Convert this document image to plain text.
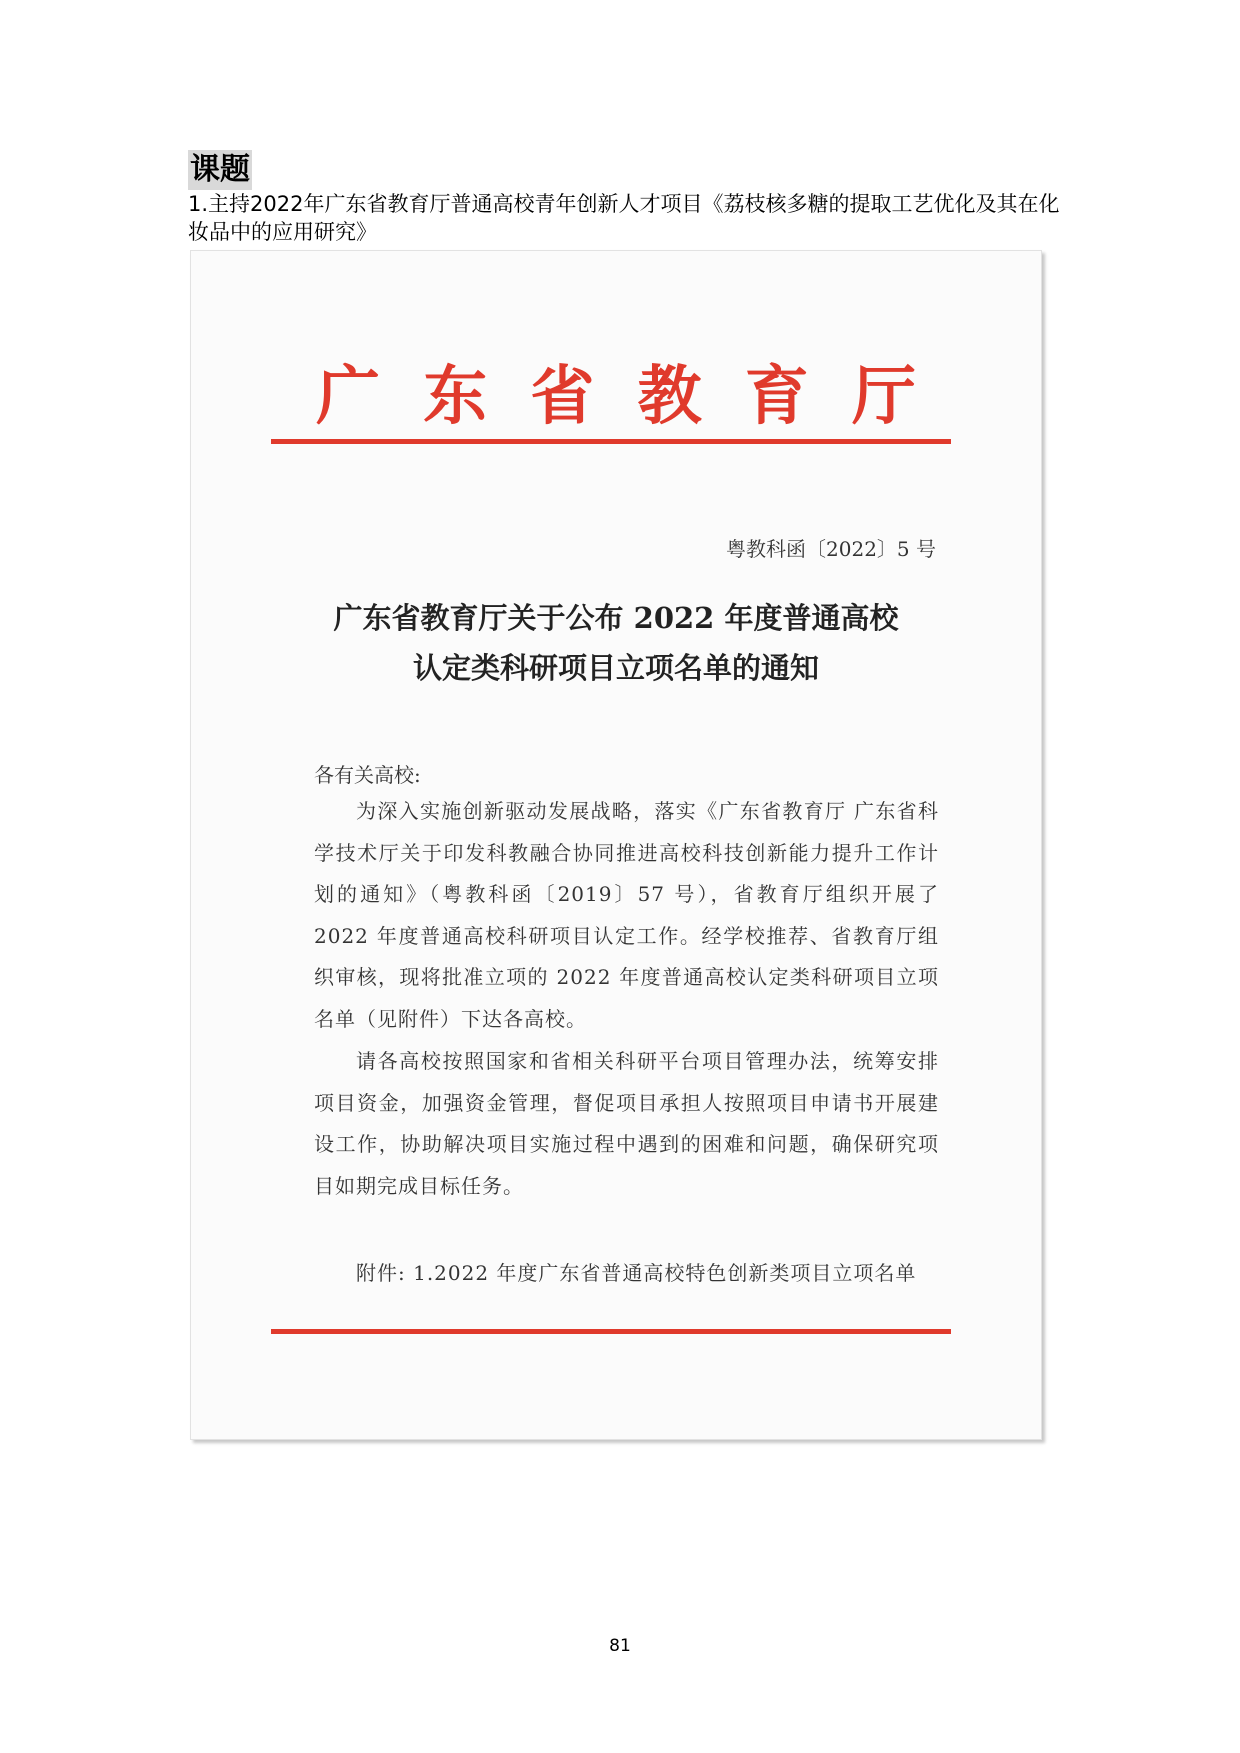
课题
1.主持2022年广东省教育厅普通高校青年创新人才项目《荔枝核多糖的提取工艺优化及其在化妆品中的应用研究》
广 东 省 教 育 厅
粤教科函〔2022〕5 号
广东省教育厅关于公布 2022 年度普通高校
认定类科研项目立项名单的通知
各有关高校:
为深入实施创新驱动发展战略，落实《广东省教育厅 广东省科学技术厅关于印发科教融合协同推进高校科技创新能力提升工作计划的通知》（粤教科函〔2019〕57 号），省教育厅组织开展了 2022 年度普通高校科研项目认定工作。经学校推荐、省教育厅组织审核，现将批准立项的 2022 年度普通高校认定类科研项目立项名单（见附件）下达各高校。
请各高校按照国家和省相关科研平台项目管理办法，统筹安排项目资金，加强资金管理，督促项目承担人按照项目申请书开展建设工作，协助解决项目实施过程中遇到的困难和问题，确保研究项目如期完成目标任务。
附件: 1.2022 年度广东省普通高校特色创新类项目立项名单
81
